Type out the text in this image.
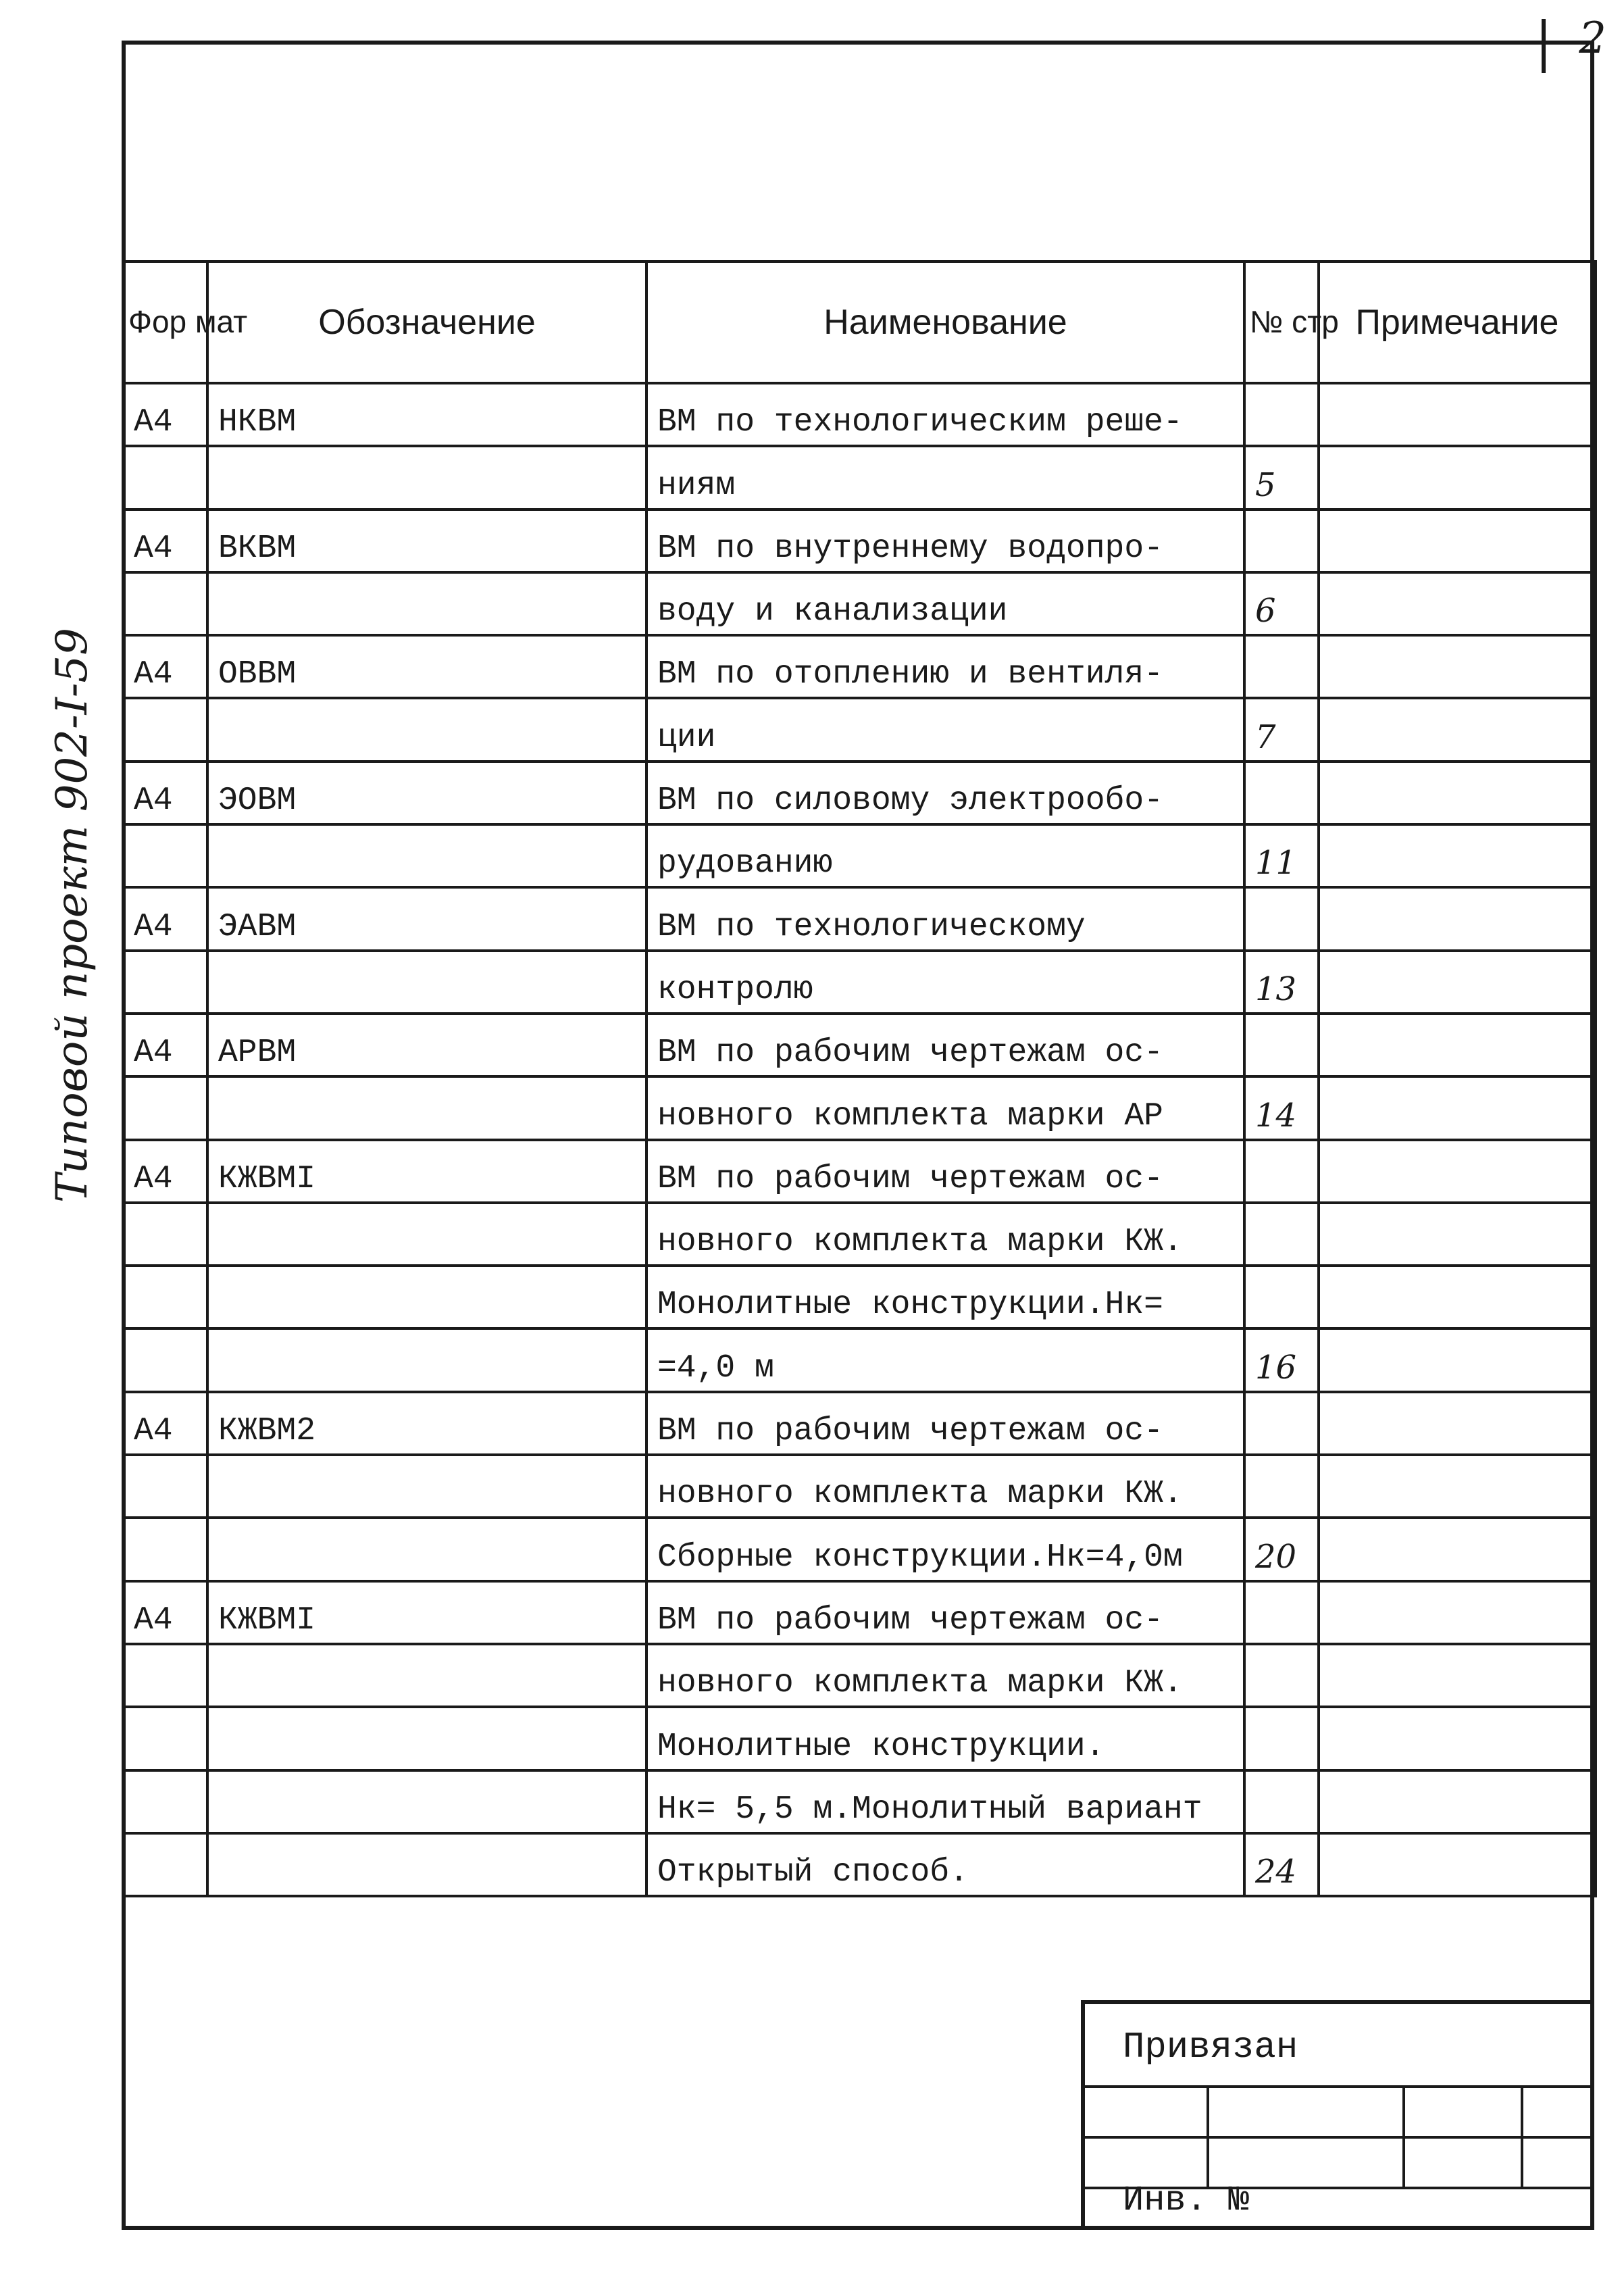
2
Типовой проект 902-I-59
Фор мат	Обозначение	Наименование	№ стр	Примечание
А4	НКВМ	ВМ по технологическим реше-		
		ниям	5	
А4	ВКВМ	ВМ по внутреннему водопро-		
		воду и канализации	6	
А4	ОВВМ	ВМ по отоплению и вентиля-		
		ции	7	
А4	ЭОВМ	ВМ по силовому электрообо-		
		рудованию	11	
А4	ЭАВМ	ВМ по технологическому		
		контролю	13	
А4	АРВМ	ВМ по рабочим чертежам ос-		
		новного комплекта марки АР	14	
А4	КЖВМI	ВМ по рабочим чертежам ос-		
		новного комплекта марки КЖ.		
		Монолитные конструкции.Нк=		
		=4,0 м	16	
А4	КЖВМ2	ВМ по рабочим чертежам ос-		
		новного комплекта марки КЖ.		
		Сборные конструкции.Нк=4,0м	20	
А4	КЖВМI	ВМ по рабочим чертежам ос-		
		новного комплекта марки КЖ.		
		Монолитные конструкции.		
		Нк= 5,5 м.Монолитный вариант		
		Открытый способ.	24	
Привязан
Инв. №
